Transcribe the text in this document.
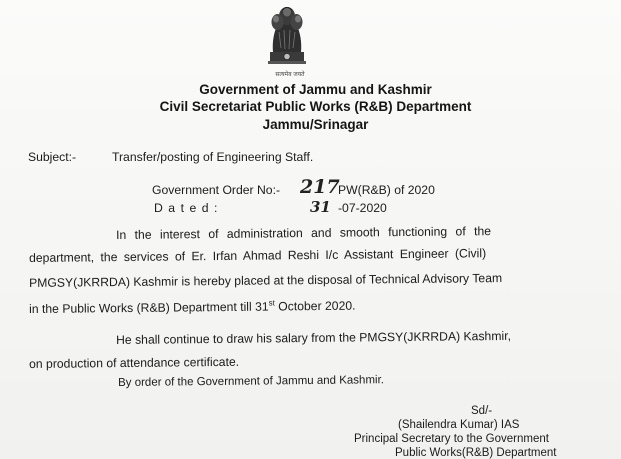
सत्यमेव जयते
Government of Jammu and Kashmir
Civil Secretariat Public Works (R&B) Department
Jammu/Srinagar
Subject:-	Transfer/posting of Engineering Staff.
Government Order No:- 217
PW(R&B) of 2020
Dated:	31 -07-2020
In the interest of administration and smooth functioning of the
department, the services of Er. Irfan Ahmad Reshi I/c Assistant Engineer (Civil)
PMGSY(JKRRDA) Kashmir is hereby placed at the disposal of Technical Advisory Team
in the Public Works (R&B) Department till 31st October 2020.
He shall continue to draw his salary from the PMGSY(JKRRDA) Kashmir,
on production of attendance certificate.
By order of the Government of Jammu and Kashmir.
Sd/-
(Shailendra Kumar) IAS
Principal Secretary to the Government
Public Works(R&B) Department
